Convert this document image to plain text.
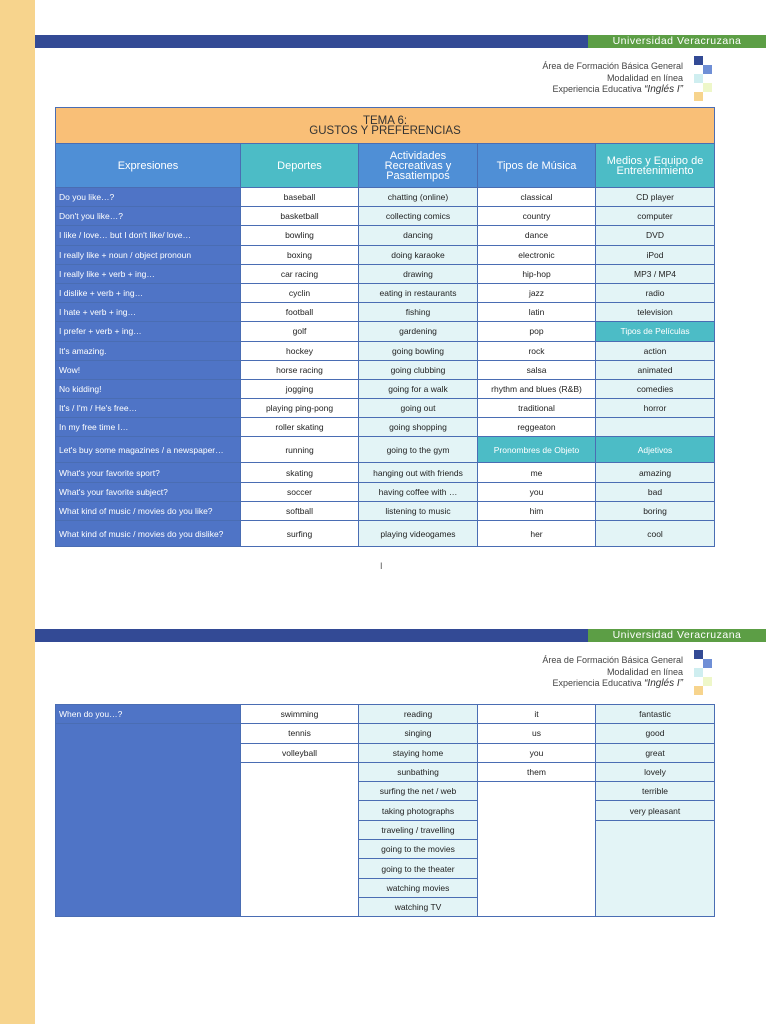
Universidad Veracruzana
Área de Formación Básica General
Modalidad en línea
Experiencia Educativa “Inglés I”
TEMA 6:
GUSTOS Y PREFERENCIAS				

Expresiones	Deportes	Actividades Recreativas y Pasatiempos	Tipos de Música	Medios y Equipo de Entretenimiento
Do you like…?	baseball	chatting (online)	classical	CD player
Don't you like…?	basketball	collecting comics	country	computer
I like / love… but I don't like/ love…	bowling	dancing	dance	DVD
I really like + noun / object pronoun	boxing	doing karaoke	electronic	iPod
I really like + verb + ing…	car racing	drawing	hip-hop	MP3 / MP4
I dislike + verb + ing…	cyclin	eating in restaurants	jazz	radio
I hate + verb + ing…	football	fishing	latin	television
I prefer + verb + ing…	golf	gardening	pop	Tipos de Películas
It's amazing.	hockey	going bowling	rock	action
Wow!	horse racing	going clubbing	salsa	animated
No kidding!	jogging	going for a walk	rhythm and blues (R&B)	comedies
It's / I'm / He's free…	playing ping-pong	going out	traditional	horror
In my free time I…	roller skating	going shopping	reggeaton	
Let's buy some magazines / a newspaper…	running	going to the gym	Pronombres de Objeto	Adjetivos
What's your favorite sport?	skating	hanging out with friends	me	amazing
What's your favorite subject?	soccer	having coffee with …	you	bad
What kind of music / movies do you like?	softball	listening to music	him	boring
What kind of music / movies do you dislike?	surfing	playing videogames	her	cool
I
Universidad Veracruzana
Área de Formación Básica General
Modalidad en línea
Experiencia Educativa “Inglés I”
When do you…?	swimming	reading	it	fantastic
	tennis	singing	us	good
	volleyball	staying home	you	great
		sunbathing	them	lovely
		surfing the net / web		terrible
		taking photographs		very pleasant
		traveling / travelling		
		going to the movies		
		going to the theater		
		watching movies		
		watching TV		
